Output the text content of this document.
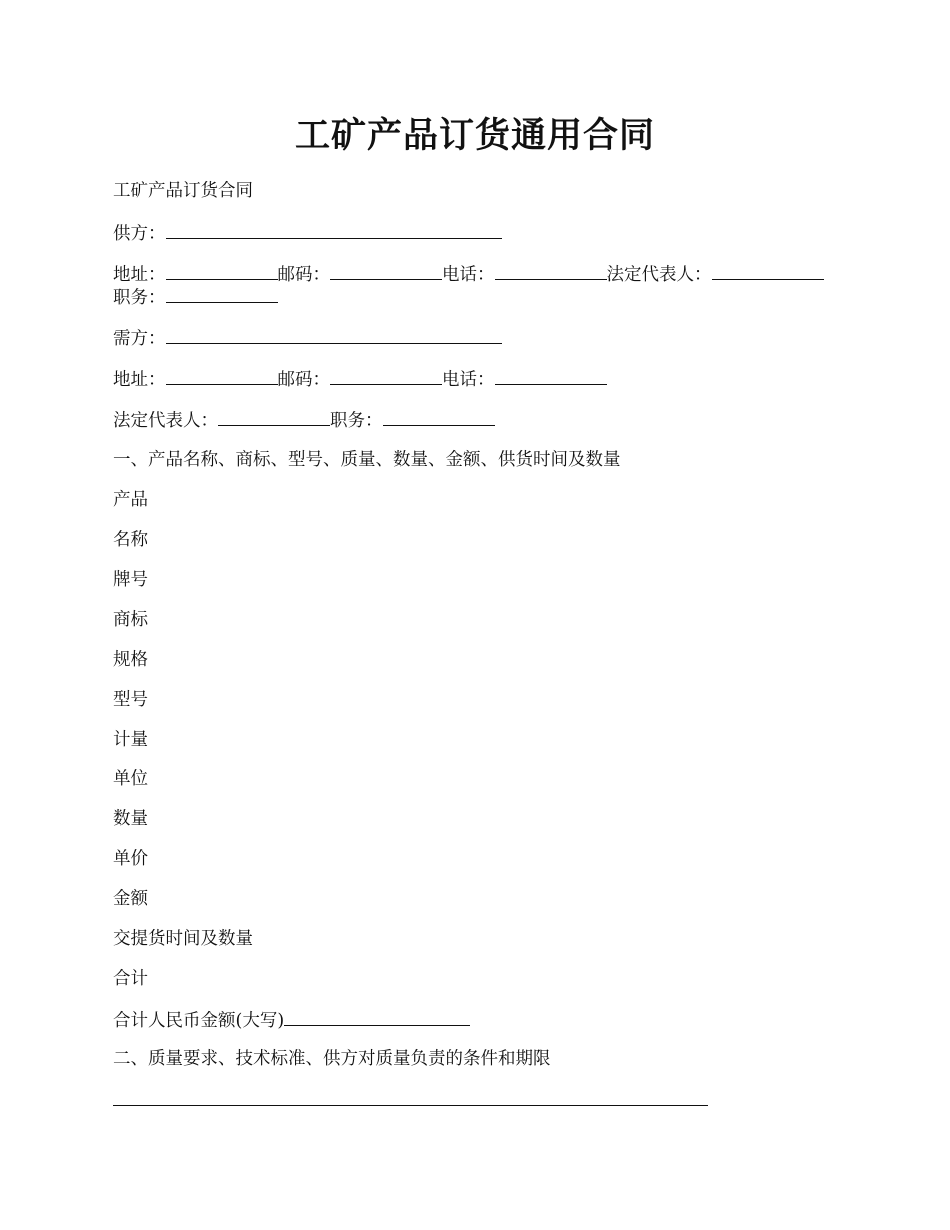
工矿产品订货通用合同
工矿产品订货合同
供方：
地址：	邮码：	电话：	法定代表人：
职务：
需方：
地址：	邮码：	电话：
法定代表人：	职务：
一、产品名称、商标、型号、质量、数量、金额、供货时间及数量
产品
名称
牌号
商标
规格
型号
计量
单位
数量
单价
金额
交提货时间及数量
合计
合计人民币金额(大写)
二、质量要求、技术标准、供方对质量负责的条件和期限
